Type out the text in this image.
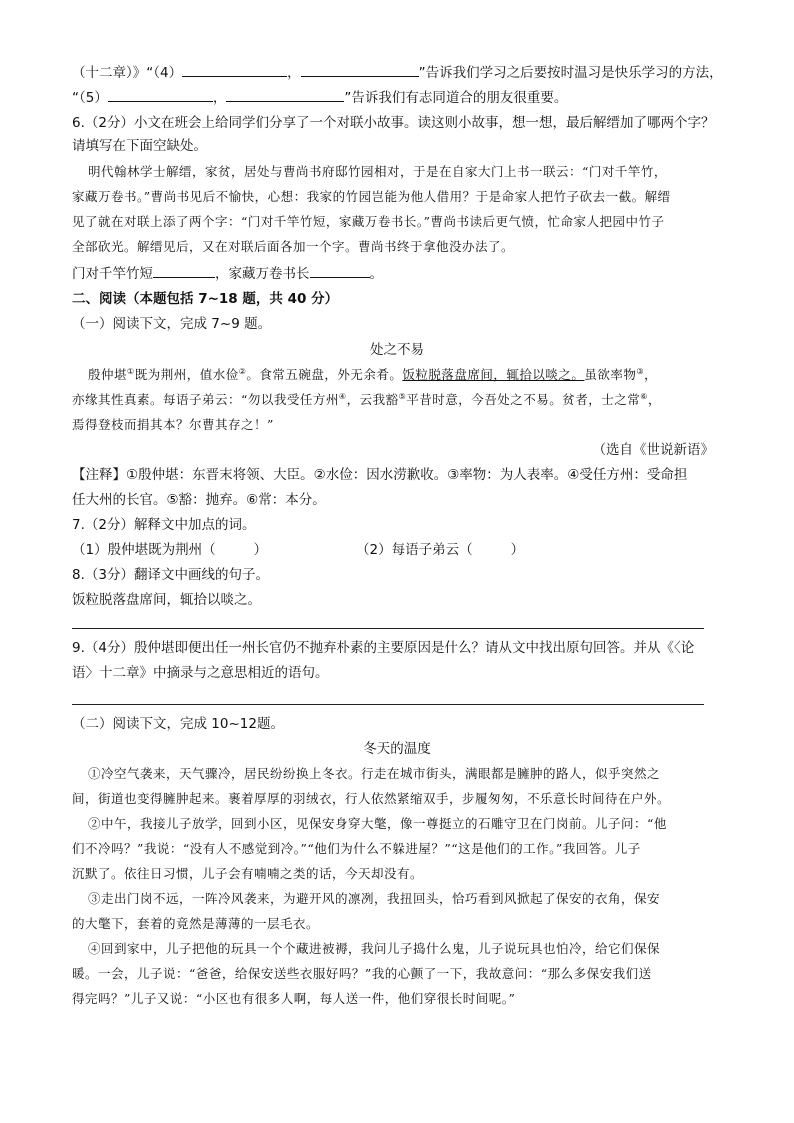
（十二章）》“（4）	，	”告诉我们学习之后要按时温习是快乐学习的方法，
“（5）	，	”告诉我们有志同道合的朋友很重要。
6.（2分）小文在班会上给同学们分享了一个对联小故事。读这则小故事，想一想，最后解缙加了哪两个字？
请填写在下面空缺处。
明代翰林学士解缙，家贫，居处与曹尚书府邸竹园相对，于是在自家大门上书一联云：“门对千竿竹，
家藏万卷书。”曹尚书见后不愉快，心想：我家的竹园岂能为他人借用？于是命家人把竹子砍去一截。解缙
见了就在对联上添了两个字：“门对千竿竹短，家藏万卷书长。”曹尚书读后更气愤，忙命家人把园中竹子
全部砍光。解缙见后，又在对联后面各加一个字。曹尚书终于拿他没办法了。
门对千竿竹短	，家藏万卷书长	。
二、阅读（本题包括 7~18 题，共 40 分）
（一）阅读下文，完成 7~9 题。
处之不易
殷仲堪①既为荆州，值水俭②。食常五碗盘，外无余肴。饭粒脱落盘席间，辄拾以啖之。虽欲率物③，
亦缘其性真素。每语子弟云：“勿以我受任方州④，云我豁⑤平昔时意，今吾处之不易。贫者，士之常⑥，
焉得登枝而捐其本？尔曹其存之！”
（选自《世说新语》
【注释】①殷仲堪：东晋末将领、大臣。②水俭：因水涝歉收。③率物：为人表率。④受任方州：受命担
任大州的长官。⑤豁：抛弃。⑥常：本分。
7.（2分）解释文中加点的词。
（1）殷仲堪既为荆州（	）	（2）每语子弟云（	）
8.（3分）翻译文中画线的句子。
饭粒脱落盘席间，辄拾以啖之。
9.（4分）殷仲堪即便出任一州长官仍不抛弃朴素的主要原因是什么？请从文中找出原句回答。并从《〈论
语〉十二章》中摘录与之意思相近的语句。
（二）阅读下文，完成 10~12题。
冬天的温度
①冷空气袭来，天气骤冷，居民纷纷换上冬衣。行走在城市街头，满眼都是臃肿的路人，似乎突然之
间，街道也变得臃肿起来。裹着厚厚的羽绒衣，行人依然紧缩双手，步履匆匆，不乐意长时间待在户外。
②中午，我接儿子放学，回到小区，见保安身穿大氅，像一尊挺立的石雕守卫在门岗前。儿子问：“他
们不冷吗？”我说：“没有人不感觉到冷。”“他们为什么不躲进屋？”“这是他们的工作。”我回答。儿子
沉默了。依往日习惯，儿子会有喃喃之类的话，今天却没有。
③走出门岗不远，一阵冷风袭来，为避开风的凛冽，我扭回头，恰巧看到风掀起了保安的衣角，保安
的大氅下，套着的竟然是薄薄的一层毛衣。
④回到家中，儿子把他的玩具一个个藏进被褥，我问儿子捣什么鬼，儿子说玩具也怕冷，给它们保保
暖。一会，儿子说：“爸爸，给保安送些衣服好吗？”我的心颤了一下，我故意问：“那么多保安我们送
得完吗？”儿子又说：“小区也有很多人啊，每人送一件，他们穿很长时间呢。”
